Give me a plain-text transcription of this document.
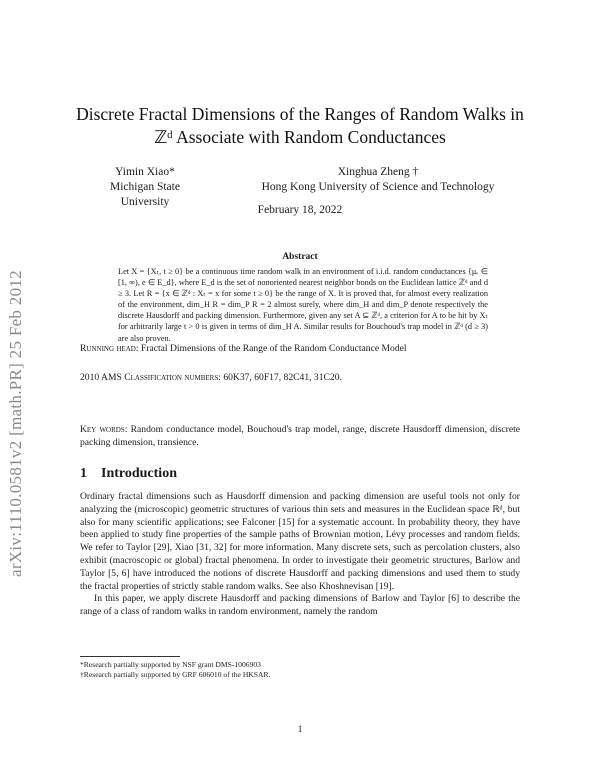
arXiv:1110.0581v2 [math.PR] 25 Feb 2012
Discrete Fractal Dimensions of the Ranges of Random Walks in
ℤᵈ Associate with Random Conductances
Yimin Xiao*
Michigan State University
Xinghua Zheng †
Hong Kong University of Science and Technology
February 18, 2022
Abstract
Let X = {Xₜ, t ≥ 0} be a continuous time random walk in an environment of i.i.d. random conductances {μₑ ∈ [1, ∞), e ∈ E_d}, where E_d is the set of nonoriented nearest neighbor bonds on the Euclidean lattice ℤᵈ and d ≥ 3. Let R = {x ∈ ℤᵈ : Xₜ = x for some t ≥ 0} be the range of X. It is proved that, for almost every realization of the environment, dim_H R = dim_P R = 2 almost surely, where dim_H and dim_P denote respectively the discrete Hausdorff and packing dimension. Furthermore, given any set A ⊆ ℤᵈ, a criterion for A to be hit by Xₜ for arbitrarily large t > 0 is given in terms of dim_H A. Similar results for Bouchoud's trap model in ℤᵈ (d ≥ 3) are also proven.
Running head: Fractal Dimensions of the Range of the Random Conductance Model
2010 AMS Classification numbers: 60K37, 60F17, 82C41, 31C20.
Key words: Random conductance model, Bouchoud's trap model, range, discrete Hausdorff dimension, discrete packing dimension, transience.
1 Introduction

Ordinary fractal dimensions such as Hausdorff dimension and packing dimension are useful tools not only for analyzing the (microscopic) geometric structures of various thin sets and measures in the Euclidean space ℝᵈ, but also for many scientific applications; see Falconer [15] for a systematic account. In probability theory, they have been applied to study fine properties of the sample paths of Brownian motion, Lévy processes and random fields. We refer to Taylor [29], Xiao [31, 32] for more information. Many discrete sets, such as percolation clusters, also exhibit (macroscopic or global) fractal phenomena. In order to investigate their geometric structures, Barlow and Taylor [5, 6] have introduced the notions of discrete Hausdorff and packing dimensions and used them to study the fractal properties of strictly stable random walks. See also Khoshnevisan [19].

In this paper, we apply discrete Hausdorff and packing dimensions of Barlow and Taylor [6] to describe the range of a class of random walks in random environment, namely the random

*Research partially supported by NSF grant DMS-1006903
†Research partially supported by GRF 606010 of the HKSAR.
1
